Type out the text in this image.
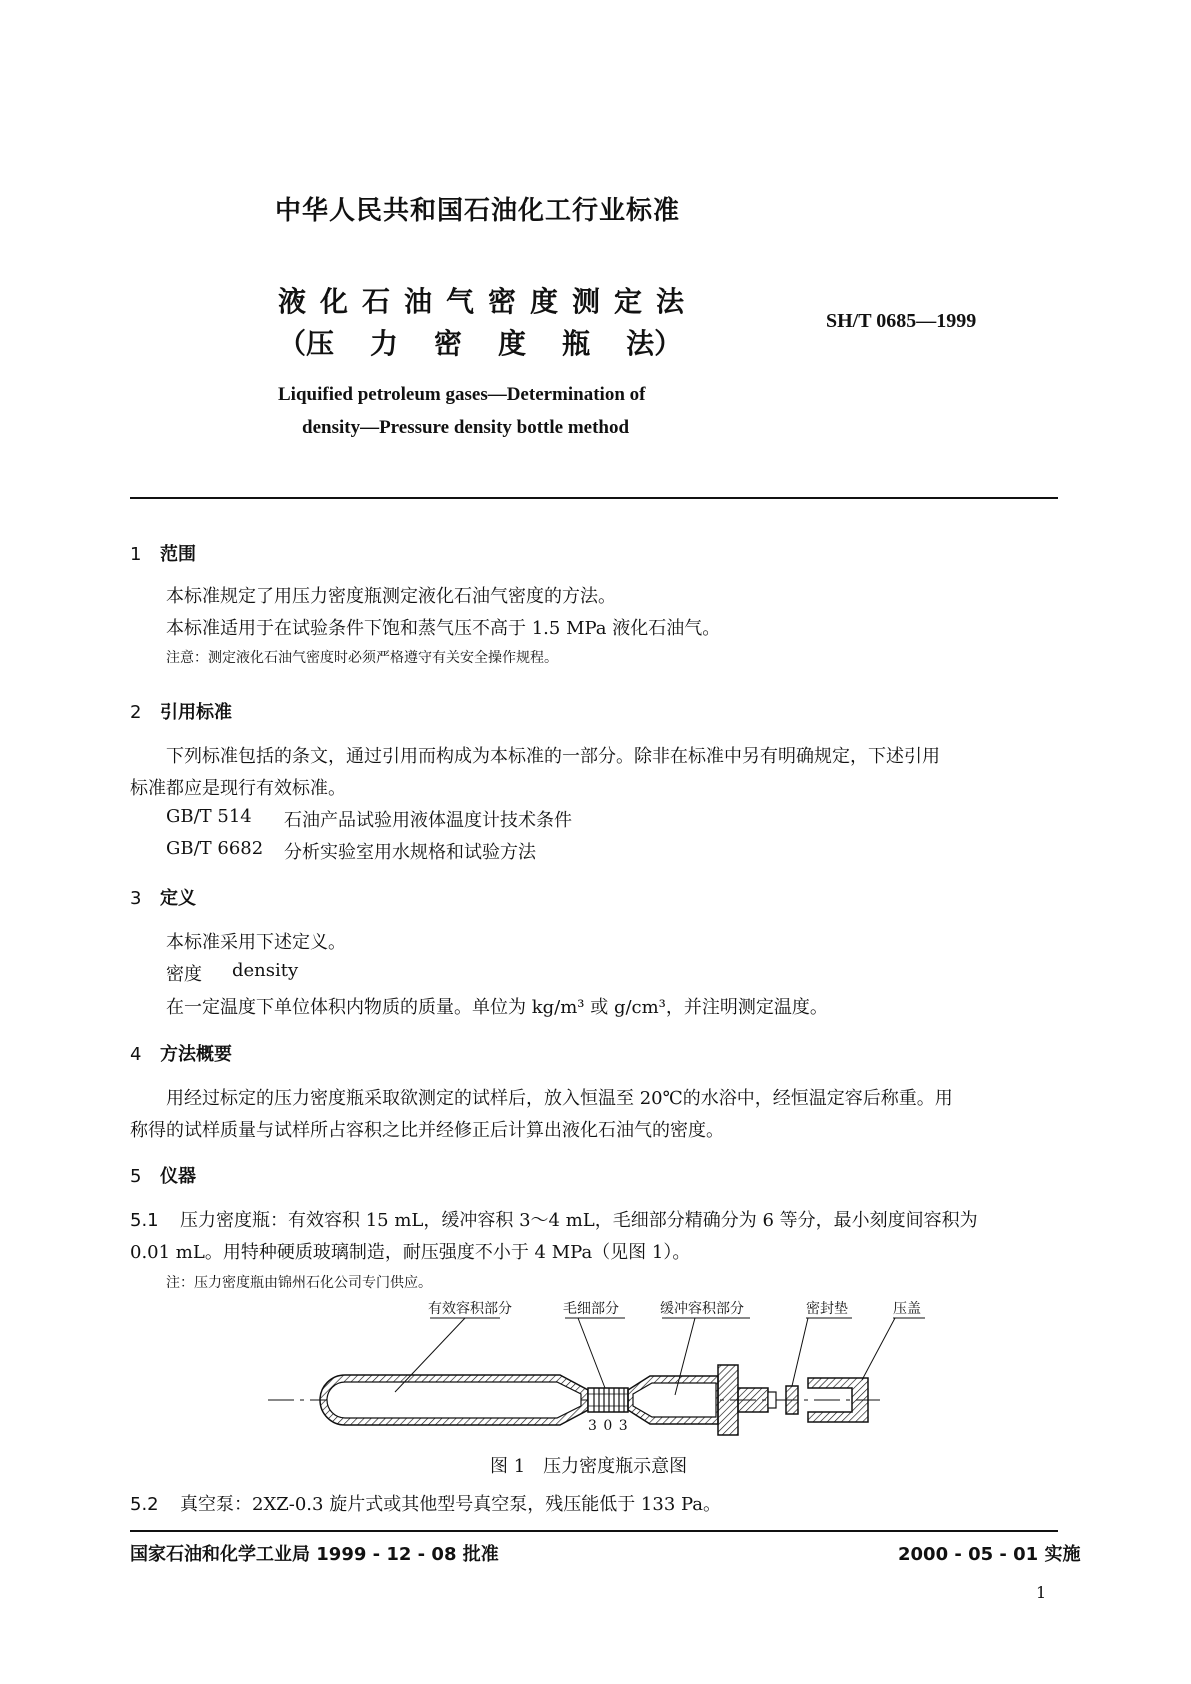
中华人民共和国石油化工行业标准
液化石油气密度测定法
（压 力 密 度 瓶 法）
SH/T 0685—1999
Liquified petroleum gases—Determination of
density—Pressure density bottle method
1 范围
本标准规定了用压力密度瓶测定液化石油气密度的方法。
本标准适用于在试验条件下饱和蒸气压不高于 1.5 MPa 液化石油气。
注意：测定液化石油气密度时必须严格遵守有关安全操作规程。
2 引用标准
下列标准包括的条文，通过引用而构成为本标准的一部分。除非在标准中另有明确规定，下述引用
标准都应是现行有效标准。
GB/T 514 石油产品试验用液体温度计技术条件
GB/T 6682 分析实验室用水规格和试验方法
3 定义
本标准采用下述定义。
密度 density
在一定温度下单位体积内物质的质量。单位为 kg/m³ 或 g/cm³，并注明测定温度。
4 方法概要
用经过标定的压力密度瓶采取欲测定的试样后，放入恒温至 20℃的水浴中，经恒温定容后称重。用
称得的试样质量与试样所占容积之比并经修正后计算出液化石油气的密度。
5 仪器
5.1 压力密度瓶：有效容积 15 mL，缓冲容积 3～4 mL，毛细部分精确分为 6 等分，最小刻度间容积为
0.01 mL。用特种硬质玻璃制造，耐压强度不小于 4 MPa（见图 1）。
注：压力密度瓶由锦州石化公司专门供应。
有效容积部分	毛细部分	缓冲容积部分	密封垫	压盖
3 0 3
图 1　压力密度瓶示意图
5.2 真空泵：2XZ-0.3 旋片式或其他型号真空泵，残压能低于 133 Pa。
国家石油和化学工业局 1999 - 12 - 08 批准	2000 - 05 - 01 实施
1
